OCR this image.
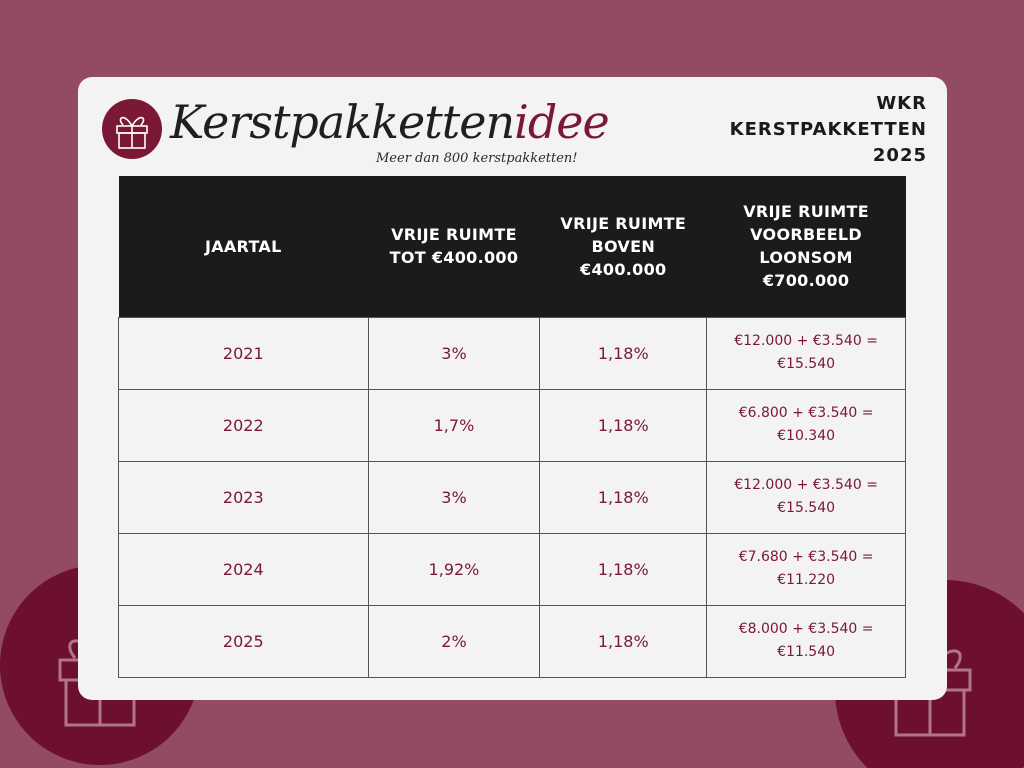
Kerstpakkettenidee
Meer dan 800 kerstpakketten!
WKR
KERSTPAKKETTEN
2025
JAARTAL	VRIJE RUIMTE TOT €400.000	VRIJE RUIMTE BOVEN €400.000	VRIJE RUIMTE VOORBEELD LOONSOM €700.000
2021	3%	1,18%	€12.000 + €3.540 =
€15.540

2022	1,7%	1,18%	€6.800 + €3.540 =
€10.340

2023	3%	1,18%	€12.000 + €3.540 =
€15.540

2024	1,92%	1,18%	€7.680 + €3.540 =
€11.220

2025	2%	1,18%	€8.000 + €3.540 =
€11.540
